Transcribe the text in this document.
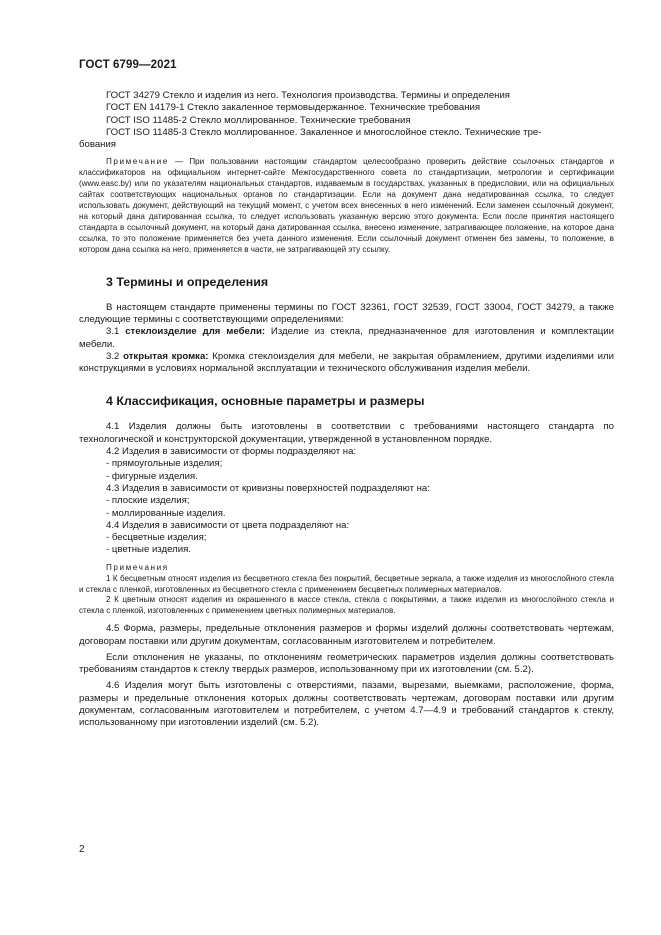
ГОСТ 6799—2021

ГОСТ 34279 Стекло и изделия из него. Технология производства. Термины и определения

ГОСТ EN 14179-1 Стекло закаленное термовыдержанное. Технические требования

ГОСТ ISO 11485-2 Стекло моллированное. Технические требования

ГОСТ ISO 11485-3 Стекло моллированное. Закаленное и многослойное стекло. Технические тре-

бования

Примечание — При пользовании настоящим стандартом целесообразно проверить действие ссылочных стандартов и классификаторов на официальном интернет-сайте Межгосударственного совета по стандартизации, метрологии и сертификации (www.easc.by) или по указателям национальных стандартов, издаваемым в государствах, указанных в предисловии, или на официальных сайтах соответствующих национальных органов по стандартизации. Если на документ дана недатированная ссылка, то следует использовать документ, действующий на текущий момент, с учетом всех внесенных в него изменений. Если заменен ссылочный документ, на который дана датированная ссылка, то следует использовать указанную версию этого документа. Если после принятия настоящего стандарта в ссылочный документ, на который дана датированная ссылка, внесено изменение, затрагивающее положение, на которое дана ссылка, то это положение применяется без учета данного изменения. Если ссылочный документ отменен без замены, то положение, в котором дана ссылка на него, применяется в части, не затрагивающей эту ссылку.

3 Термины и определения

В настоящем стандарте применены термины по ГОСТ 32361, ГОСТ 32539, ГОСТ 33004, ГОСТ 34279, а также следующие термины с соответствующими определениями:

3.1 стеклоизделие для мебели: Изделие из стекла, предназначенное для изготовления и комплектации мебели.

3.2 открытая кромка: Кромка стеклоизделия для мебели, не закрытая обрамлением, другими изделиями или конструкциями в условиях нормальной эксплуатации и технического обслуживания изделия мебели.

4 Классификация, основные параметры и размеры

4.1 Изделия должны быть изготовлены в соответствии с требованиями настоящего стандарта по технологической и конструкторской документации, утвержденной в установленном порядке.

4.2 Изделия в зависимости от формы подразделяют на:

- прямоугольные изделия;

- фигурные изделия.

4.3 Изделия в зависимости от кривизны поверхностей подразделяют на:

- плоские изделия;

- моллированные изделия.

4.4 Изделия в зависимости от цвета подразделяют на:

- бесцветные изделия;

- цветные изделия.

Примечания

1 К бесцветным относят изделия из бесцветного стекла без покрытий, бесцветные зеркала, а также изделия из многослойного стекла и стекла с пленкой, изготовленных из бесцветного стекла с применением бесцветных полимерных материалов.

2 К цветным относят изделия из окрашенного в массе стекла, стекла с покрытиями, а также изделия из многослойного стекла и стекла с пленкой, изготовленных с применением цветных полимерных материалов.

4.5 Форма, размеры, предельные отклонения размеров и формы изделий должны соответствовать чертежам, договорам поставки или другим документам, согласованным изготовителем и потребителем.

Если отклонения не указаны, по отклонениям геометрических параметров изделия должны соответствовать требованиям стандартов к стеклу твердых размеров, использованному при их изготовлении (см. 5.2).

4.6 Изделия могут быть изготовлены с отверстиями, пазами, вырезами, выемками, расположение, форма, размеры и предельные отклонения которых должны соответствовать чертежам, договорам поставки или другим документам, согласованным изготовителем и потребителем, с учетом 4.7—4.9 и требований стандартов к стеклу, использованному при изготовлении изделий (см. 5.2).

2
